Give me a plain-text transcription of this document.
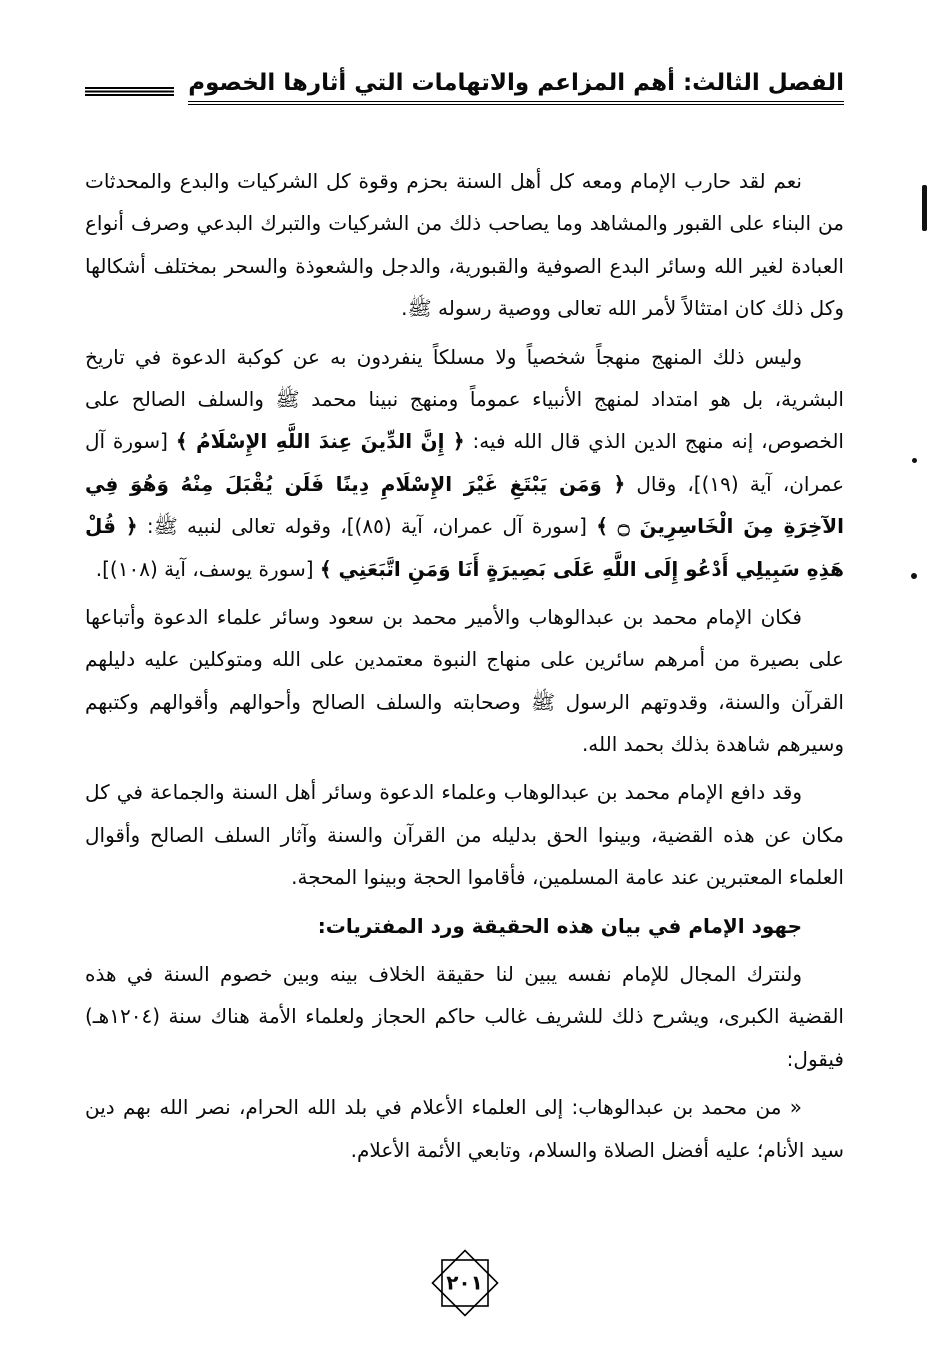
الفصل الثالث: أهم المزاعم والاتهامات التي أثارها الخصوم

نعم لقد حارب الإمام ومعه كل أهل السنة بحزم وقوة كل الشركيات والبدع والمحدثات من البناء على القبور والمشاهد وما يصاحب ذلك من الشركيات والتبرك البدعي وصرف أنواع العبادة لغير الله وسائر البدع الصوفية والقبورية، والدجل والشعوذة والسحر بمختلف أشكالها وكل ذلك كان امتثالاً لأمر الله تعالى ووصية رسوله ﷺ.

وليس ذلك المنهج منهجاً شخصياً ولا مسلكاً ينفردون به عن كوكبة الدعوة في تاريخ البشرية، بل هو امتداد لمنهج الأنبياء عموماً ومنهج نبينا محمد ﷺ والسلف الصالح على الخصوص، إنه منهج الدين الذي قال الله فيه: ﴿ إِنَّ الدِّينَ عِندَ اللَّهِ الإِسْلَامُ ﴾ [سورة آل عمران، آية (١٩)]، وقال ﴿ وَمَن يَبْتَغِ غَيْرَ الإِسْلَامِ دِينًا فَلَن يُقْبَلَ مِنْهُ وَهُوَ فِي الآخِرَةِ مِنَ الْخَاسِرِينَ ۝ ﴾ [سورة آل عمران، آية (٨٥)]، وقوله تعالى لنبيه ﷺ: ﴿ قُلْ هَذِهِ سَبِيلِي أَدْعُو إِلَى اللَّهِ عَلَى بَصِيرَةٍ أَنَا وَمَنِ اتَّبَعَنِي ﴾ [سورة يوسف، آية (١٠٨)].

فكان الإمام محمد بن عبدالوهاب والأمير محمد بن سعود وسائر علماء الدعوة وأتباعها على بصيرة من أمرهم سائرين على منهاج النبوة معتمدين على الله ومتوكلين عليه دليلهم القرآن والسنة، وقدوتهم الرسول ﷺ وصحابته والسلف الصالح وأحوالهم وأقوالهم وكتبهم وسيرهم شاهدة بذلك بحمد الله.

وقد دافع الإمام محمد بن عبدالوهاب وعلماء الدعوة وسائر أهل السنة والجماعة في كل مكان عن هذه القضية، وبينوا الحق بدليله من القرآن والسنة وآثار السلف الصالح وأقوال العلماء المعتبرين عند عامة المسلمين، فأقاموا الحجة وبينوا المحجة.

جهود الإمام في بيان هذه الحقيقة ورد المفتريات:

ولنترك المجال للإمام نفسه يبين لنا حقيقة الخلاف بينه وبين خصوم السنة في هذه القضية الكبرى، ويشرح ذلك للشريف غالب حاكم الحجاز ولعلماء الأمة هناك سنة (١٢٠٤هـ) فيقول:

« من محمد بن عبدالوهاب: إلى العلماء الأعلام في بلد الله الحرام، نصر الله بهم دين سيد الأنام؛ عليه أفضل الصلاة والسلام، وتابعي الأئمة الأعلام.

٢٠١
